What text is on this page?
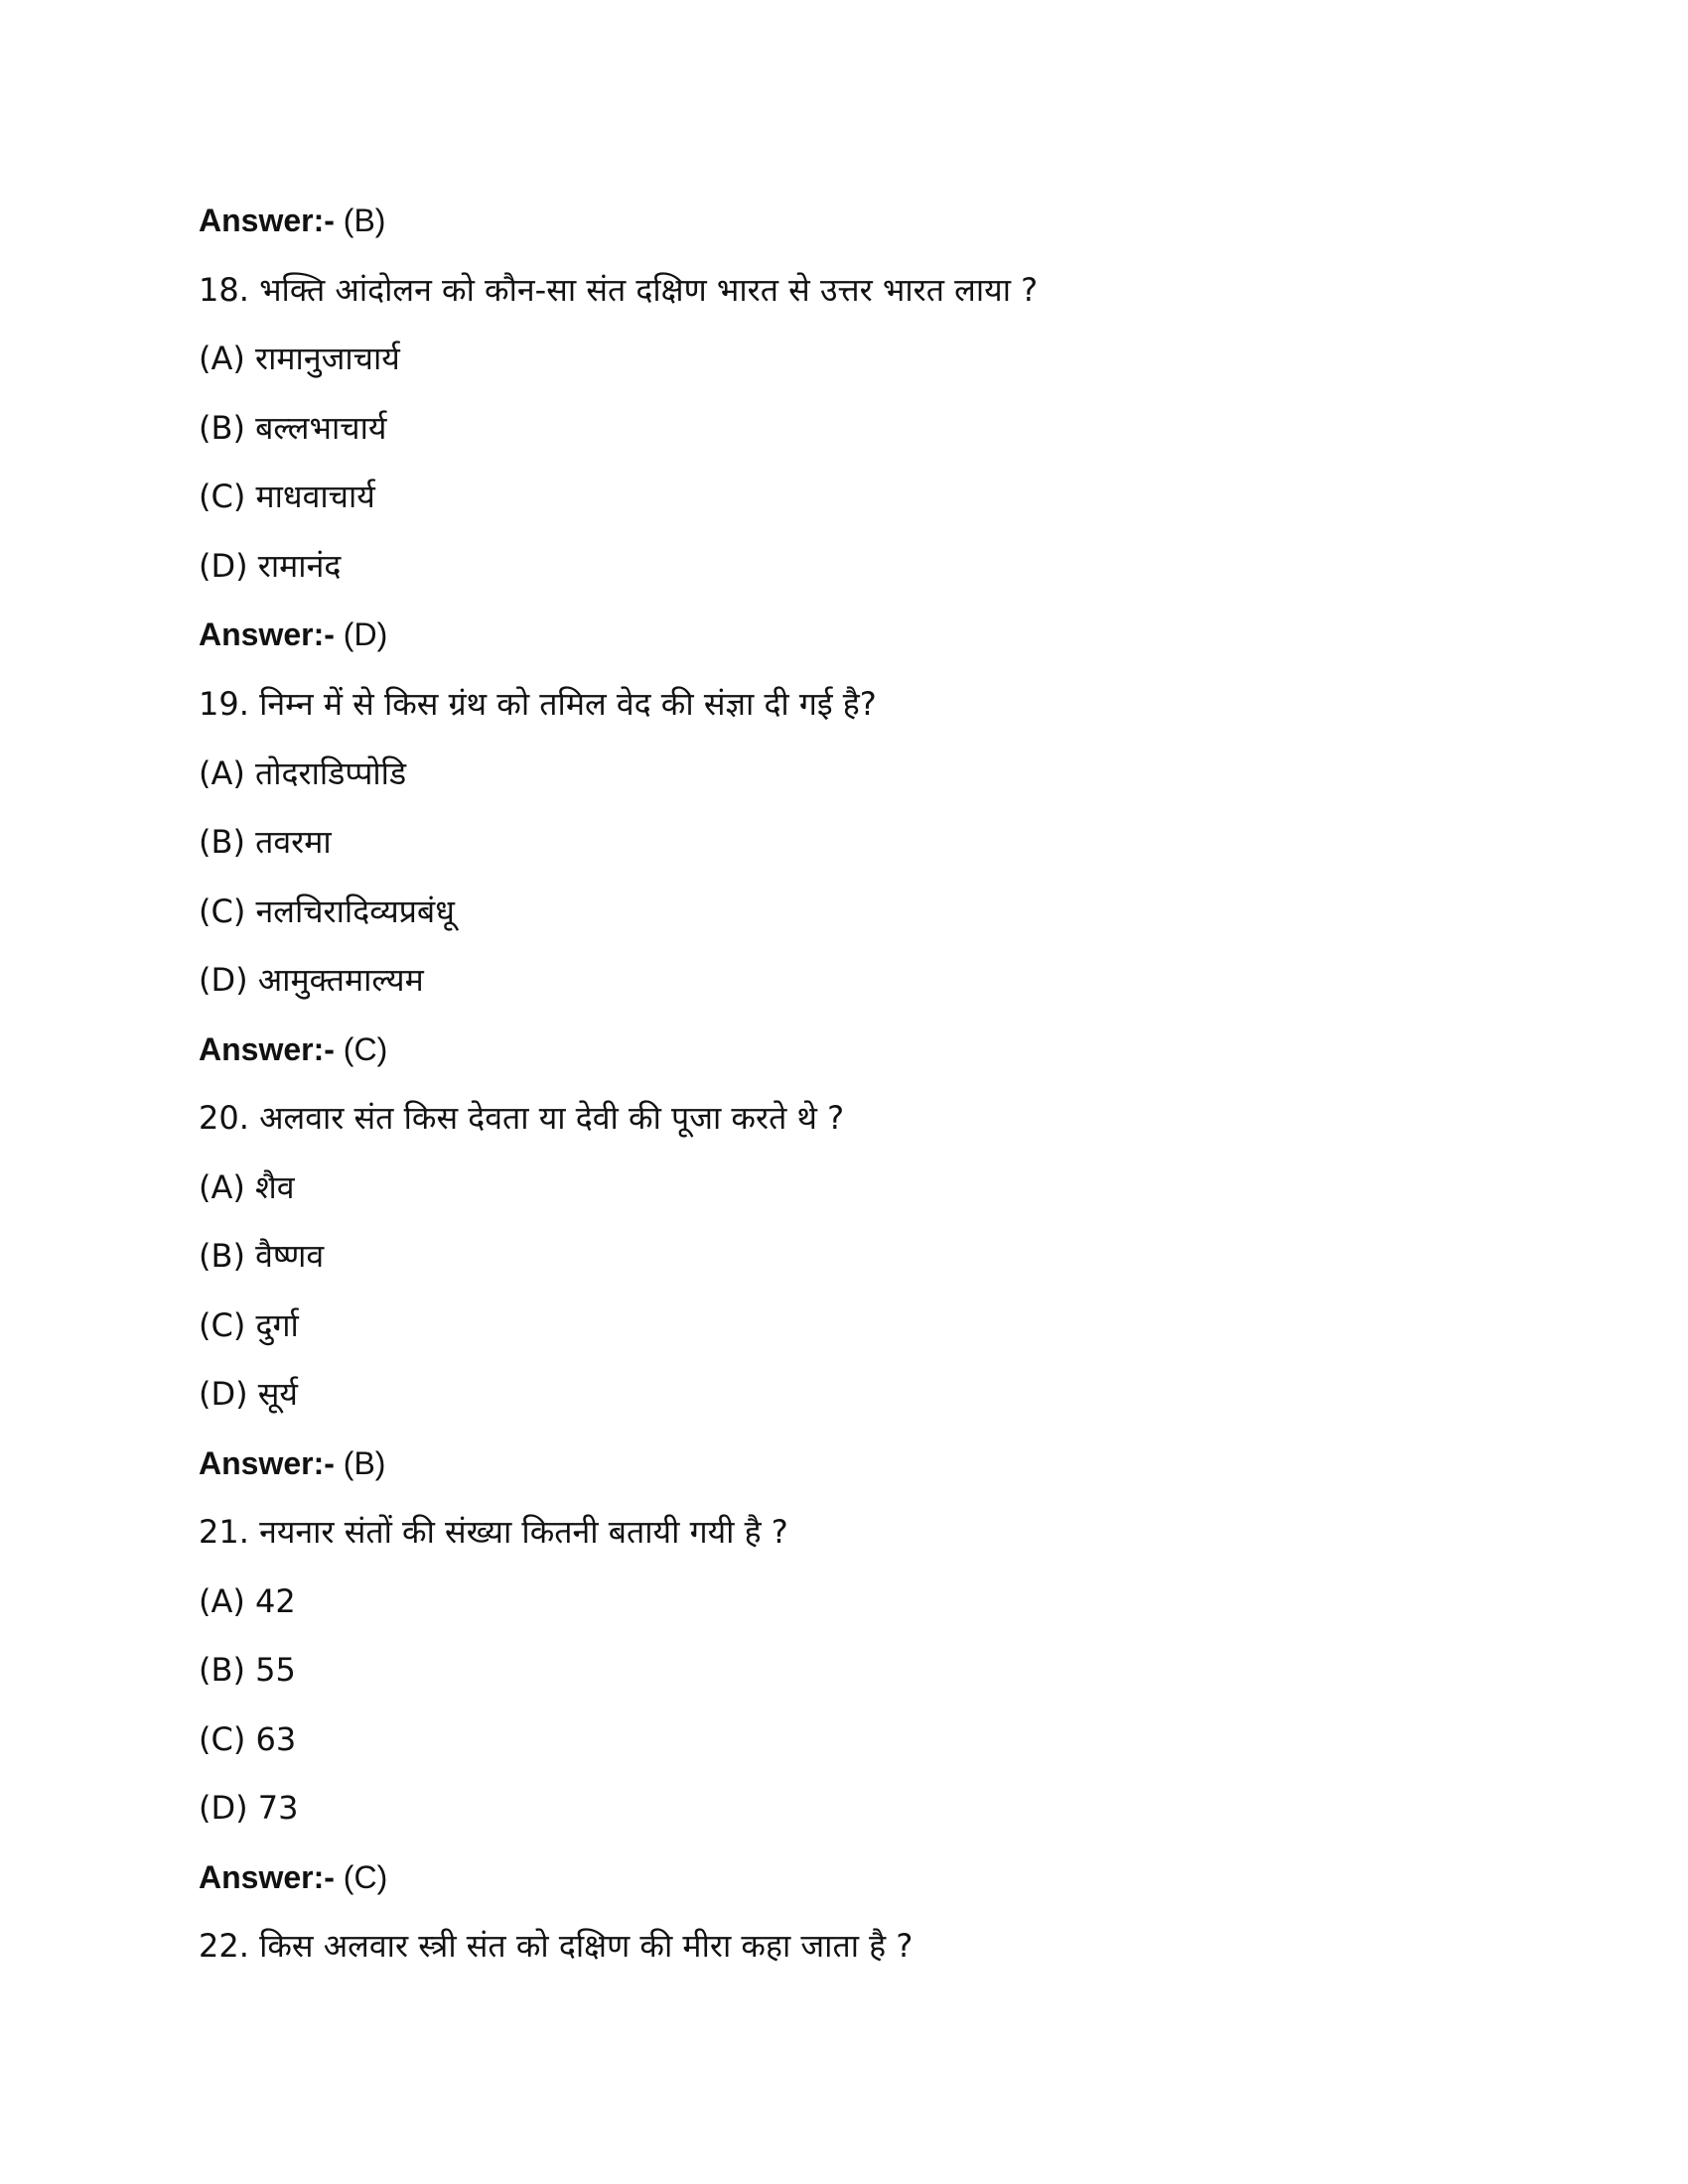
Answer:- (B)
18. भक्ति आंदोलन को कौन-सा संत दक्षिण भारत से उत्तर भारत लाया ?
(A) रामानुजाचार्य
(B) बल्लभाचार्य
(C) माधवाचार्य
(D) रामानंद
Answer:- (D)
19. निम्न में से किस ग्रंथ को तमिल वेद की संज्ञा दी गई है?
(A) तोदराडिप्पोडि
(B) तवरमा
(C) नलचिरादिव्यप्रबंधू
(D) आमुक्तमाल्यम
Answer:- (C)
20. अलवार संत किस देवता या देवी की पूजा करते थे ?
(A) शैव
(B) वैष्णव
(C) दुर्गा
(D) सूर्य
Answer:- (B)
21. नयनार संतों की संख्या कितनी बतायी गयी है ?
(A) 42
(B) 55
(C) 63
(D) 73
Answer:- (C)
22. किस अलवार स्त्री संत को दक्षिण की मीरा कहा जाता है ?
